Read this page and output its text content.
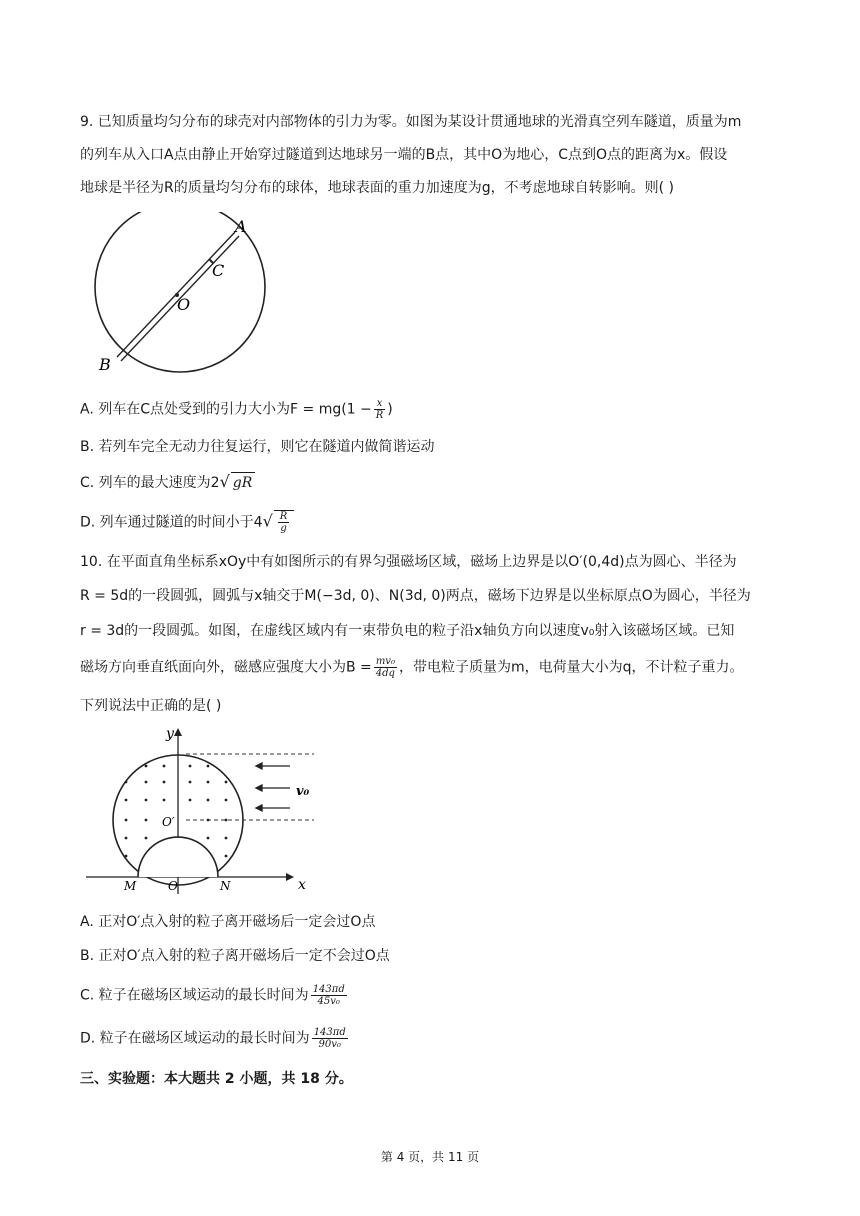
9. 已知质量均匀分布的球壳对内部物体的引力为零。如图为某设计贯通地球的光滑真空列车隧道，质量为m
的列车从入口A点由静止开始穿过隧道到达地球另一端的B点，其中O为地心，C点到O点的距离为x。假设
地球是半径为R的质量均匀分布的球体，地球表面的重力加速度为g，不考虑地球自转影响。则( )
A
B
C
O
A. 列车在C点处受到的引力大小为$F = mg(1 - \frac{x}{R}$ )
B. 若列车完全无动力往复运行，则它在隧道内做简谐运动
C. 列车的最大速度为2√ gR
D. 列车通过隧道的时间小于$4√ \frac{R}{g}$
10. 在平面直角坐标系xOy中有如图所示的有界匀强磁场区域，磁场上边界是以O′(0,4d)点为圆心、半径为
R = 5d的一段圆弧，圆弧与x轴交于M(−3d, 0)、N(3d, 0)两点，磁场下边界是以坐标原点O为圆心，半径为
r = 3d的一段圆弧。如图，在虚线区域内有一束带负电的粒子沿x轴负方向以速度v₀射入该磁场区域。已知
磁场方向垂直纸面向外，磁感应强度大小为$B = \frac{\text{mv₀}}{4dq}$ ，带电粒子质量为m，电荷量大小为q，不计粒子重力。
下列说法中正确的是( )
y
x
O
O′
M	N
v₀
A. 正对O′点入射的粒子离开磁场后一定会过O点
B. 正对O′点入射的粒子离开磁场后一定不会过O点
C. 粒子在磁场区域运动的最长时间为 $\frac{143\pi d}{\text{45v₀}}$
D. 粒子在磁场区域运动的最长时间为 $\frac{143\pi d}{\text{90v₀}}$
三、实验题：本大题共 2 小题，共 18 分。
第 4 页，共 11 页
